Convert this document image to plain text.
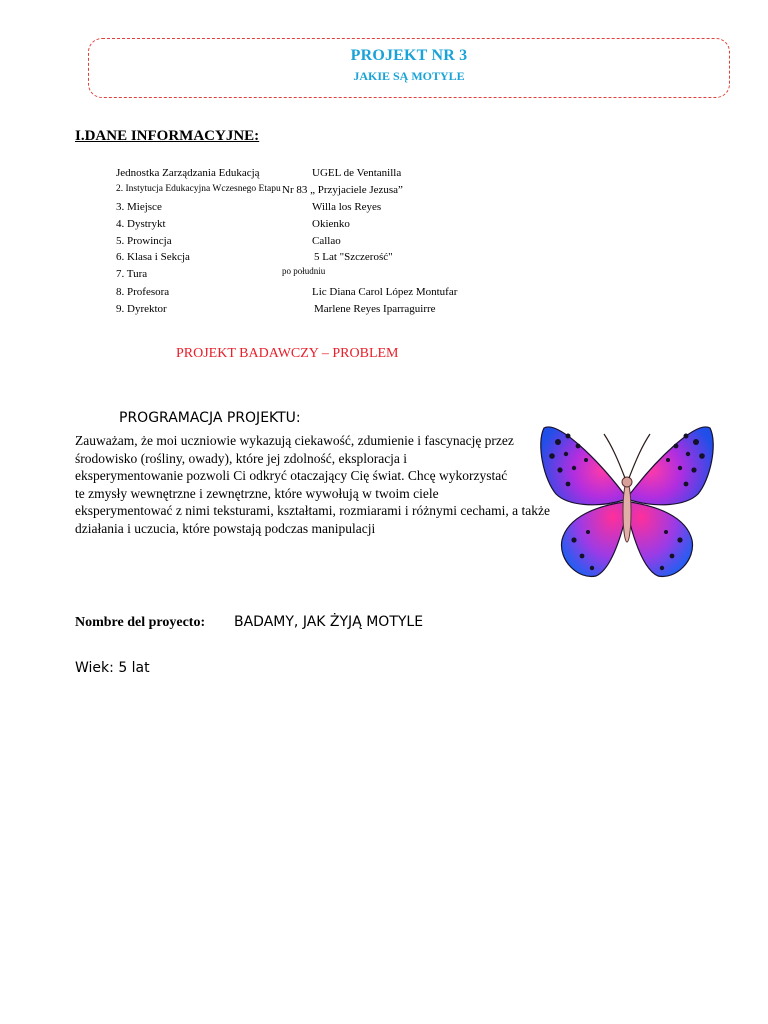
PROJEKT NR 3
JAKIE SĄ MOTYLE
I.DANE INFORMACYJNE:
Jednostka Zarządzania Edukacją	UGEL de Ventanilla
2. Instytucja Edukacyjna Wczesnego Etapu Nr 83 „ Przyjaciele Jezusa”
3. Miejsce	Willa los Reyes
4. Dystrykt	Okienko
5. Prowincja	Callao
6. Klasa i Sekcja	5 Lat "Szczerość"
7. Tura	po południu
8. Profesora	Lic Diana Carol López Montufar
9. Dyrektor	Marlene Reyes Iparraguirre
PROJEKT BADAWCZY – PROBLEM
PROGRAMACJA PROJEKTU:
Zauważam, że moi uczniowie wykazują ciekawość, zdumienie i fascynację przez
środowisko (rośliny, owady), które jej zdolność, eksploracja i
eksperymentowanie pozwoli Ci odkryć otaczający Cię świat. Chcę wykorzystać
te zmysły wewnętrzne i zewnętrzne, które wywołują w twoim ciele
eksperymentować z nimi teksturami, kształtami, rozmiarami i różnymi cechami, a także
działania i uczucia, które powstają podczas manipulacji
Nombre del proyecto: BADAMY, JAK ŻYJĄ MOTYLE
Wiek: 5 lat
